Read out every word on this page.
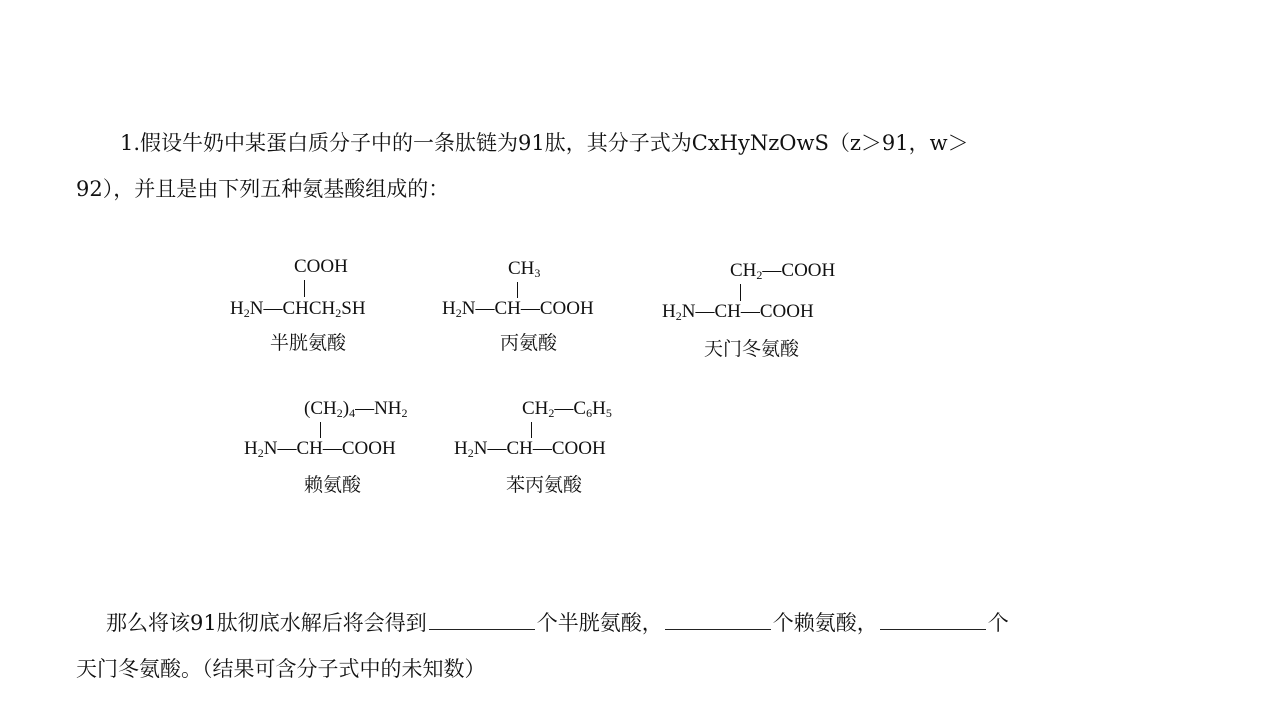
1.假设牛奶中某蛋白质分子中的一条肽链为91肽，其分子式为CxHyNzOwS（z＞91，w＞
92），并且是由下列五种氨基酸组成的：
COOH
$H_2N—CHCH_2SH$
半胱氨酸
$CH_3$
$H_2N—CH—COOH$
丙氨酸
$CH_2—COOH$
$H_2N—CH—COOH$
天门冬氨酸
$(CH_2)_4—NH_2$
$H_2N—CH—COOH$
赖氨酸
$CH_2—C_6H_5$
$H_2N—CH—COOH$
苯丙氨酸
那么将该91肽彻底水解后将会得到	个半胱氨酸，	个赖氨酸，	个
天门冬氨酸。（结果可含分子式中的未知数）
